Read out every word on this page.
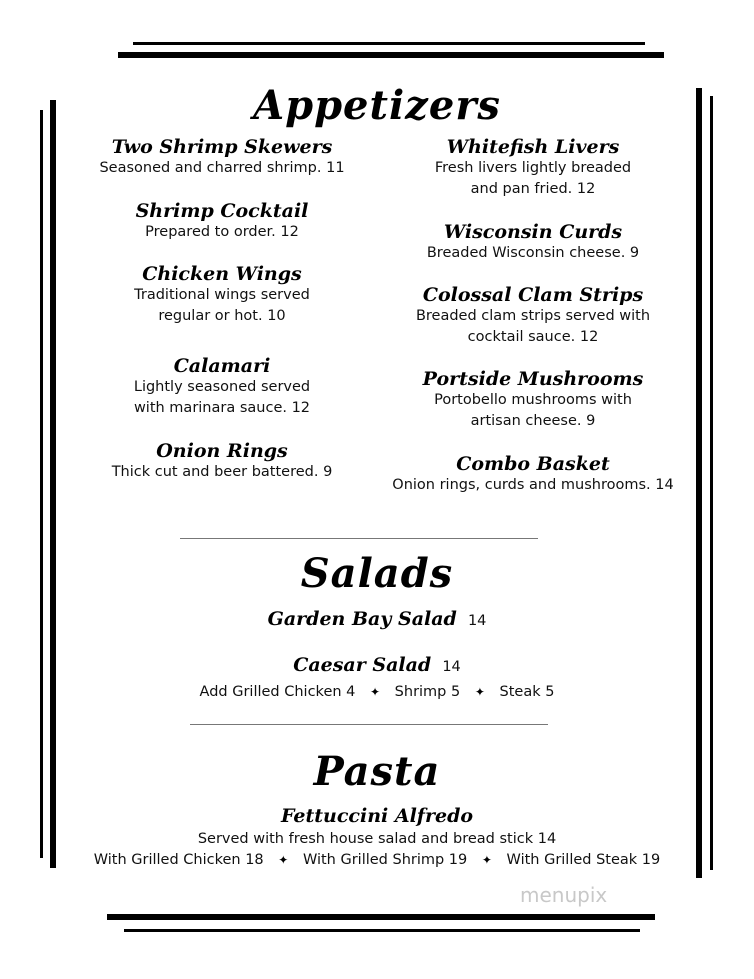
Appetizers
Two Shrimp Skewers
Seasoned and charred shrimp. 11
Shrimp Cocktail
Prepared to order. 12
Chicken Wings
Traditional wings served
regular or hot. 10
Calamari
Lightly seasoned served
with marinara sauce. 12
Onion Rings
Thick cut and beer battered. 9
Whitefish Livers
Fresh livers lightly breaded
and pan fried. 12
Wisconsin Curds
Breaded Wisconsin cheese. 9
Colossal Clam Strips
Breaded clam strips served with
cocktail sauce. 12
Portside Mushrooms
Portobello mushrooms with
artisan cheese. 9
Combo Basket
Onion rings, curds and mushrooms. 14
Salads
Garden Bay Salad 14
Caesar Salad 14
Add Grilled Chicken 4 ✦ Shrimp 5 ✦ Steak 5
Pasta
Fettuccini Alfredo
Served with fresh house salad and bread stick 14
With Grilled Chicken 18 ✦ With Grilled Shrimp 19 ✦ With Grilled Steak 19
menupix
